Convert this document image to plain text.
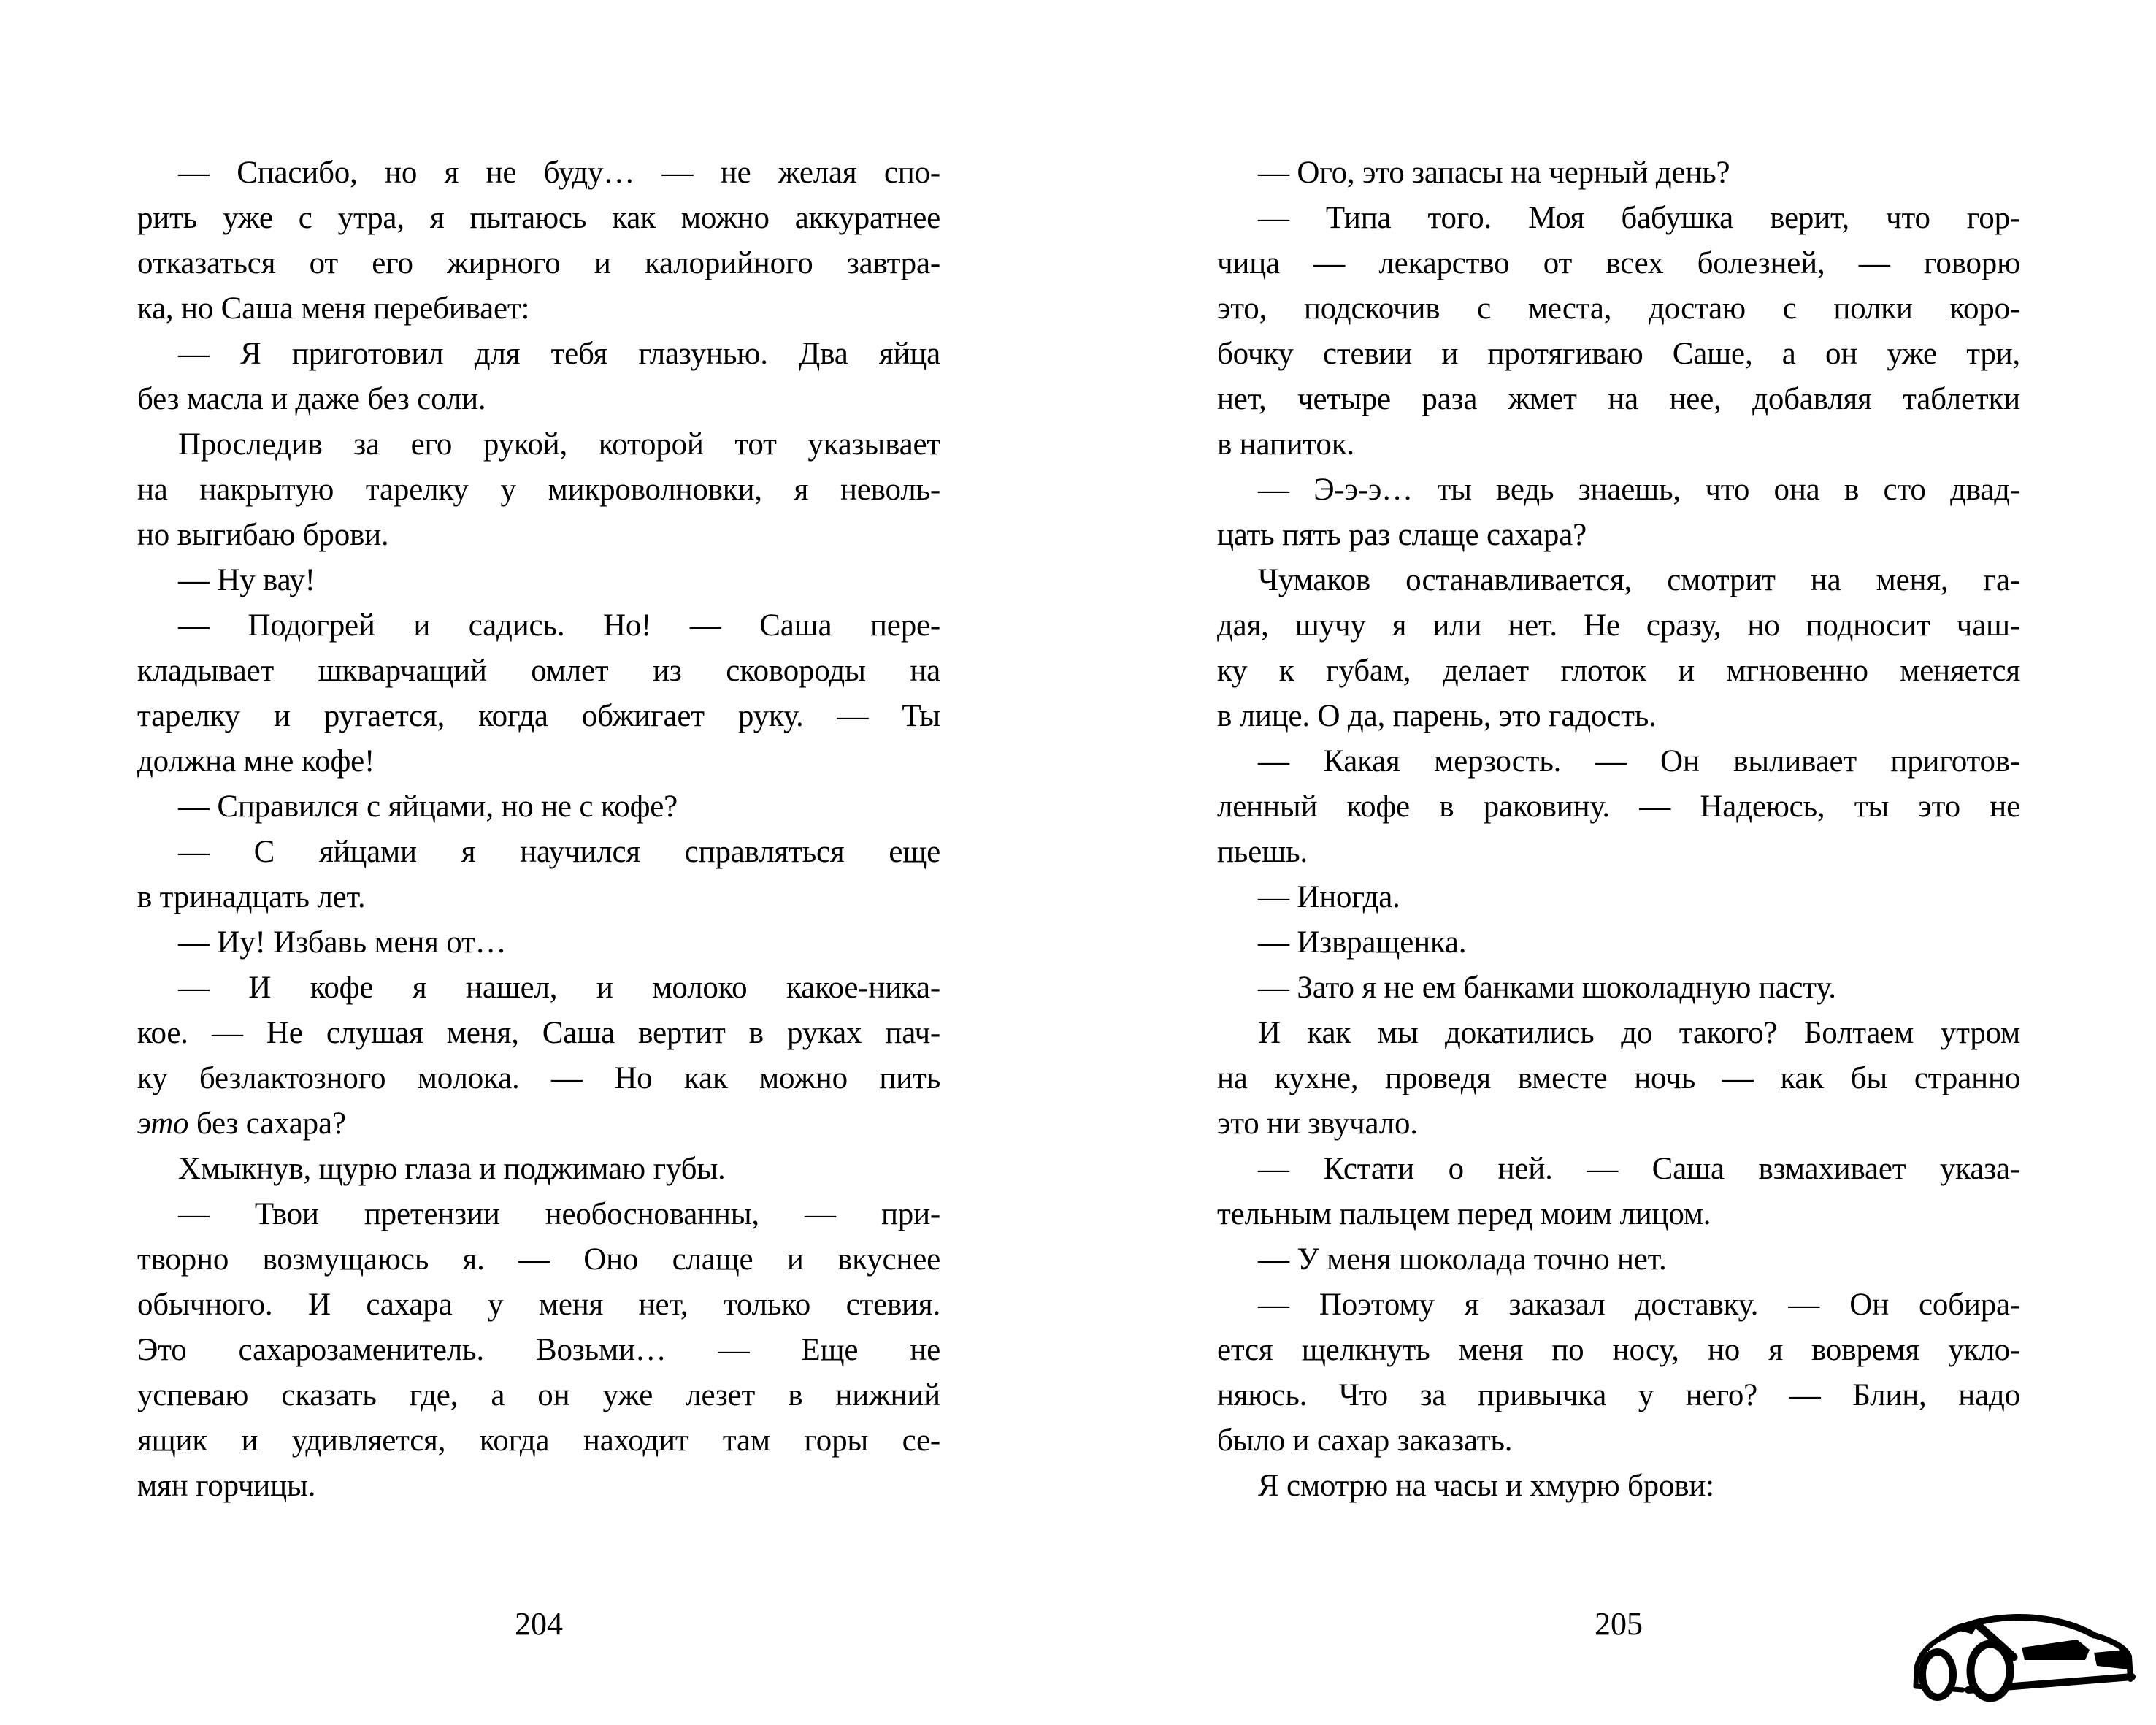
— Спасибо, но я не буду… — не желая спо-
рить уже с утра, я пытаюсь как можно аккуратнее
отказаться от его жирного и калорийного завтра-
ка, но Саша меня перебивает:
— Я приготовил для тебя глазунью. Два яйца
без масла и даже без соли.
Проследив за его рукой, которой тот указывает
на накрытую тарелку у микроволновки, я неволь-
но выгибаю брови.
— Ну вау!
— Подогрей и садись. Но! — Саша пере-
кладывает шкварчащий омлет из сковороды на
тарелку и ругается, когда обжигает руку. — Ты
должна мне кофе!
— Справился с яйцами, но не с кофе?
— С яйцами я научился справляться еще
в тринадцать лет.
— Иу! Избавь меня от…
— И кофе я нашел, и молоко какое-ника-
кое. — Не слушая меня, Саша вертит в руках пач-
ку безлактозного молока. — Но как можно пить
это без сахара?
Хмыкнув, щурю глаза и поджимаю губы.
— Твои претензии необоснованны, — при-
творно возмущаюсь я. — Оно слаще и вкуснее
обычного. И сахара у меня нет, только стевия.
Это сахарозаменитель. Возьми… — Еще не
успеваю сказать где, а он уже лезет в нижний
ящик и удивляется, когда находит там горы се-
мян горчицы.
— Ого, это запасы на черный день?
— Типа того. Моя бабушка верит, что гор-
чица — лекарство от всех болезней, — говорю
это, подскочив с места, достаю с полки коро-
бочку стевии и протягиваю Саше, а он уже три,
нет, четыре раза жмет на нее, добавляя таблетки
в напиток.
— Э-э-э… ты ведь знаешь, что она в сто двад-
цать пять раз слаще сахара?
Чумаков останавливается, смотрит на меня, га-
дая, шучу я или нет. Не сразу, но подносит чаш-
ку к губам, делает глоток и мгновенно меняется
в лице. О да, парень, это гадость.
— Какая мерзость. — Он выливает приготов-
ленный кофе в раковину. — Надеюсь, ты это не
пьешь.
— Иногда.
— Извращенка.
— Зато я не ем банками шоколадную пасту.
И как мы докатились до такого? Болтаем утром
на кухне, проведя вместе ночь — как бы странно
это ни звучало.
— Кстати о ней. — Саша взмахивает указа-
тельным пальцем перед моим лицом.
— У меня шоколада точно нет.
— Поэтому я заказал доставку. — Он собира-
ется щелкнуть меня по носу, но я вовремя укло-
няюсь. Что за привычка у него? — Блин, надо
было и сахар заказать.
Я смотрю на часы и хмурю брови:
204	205
